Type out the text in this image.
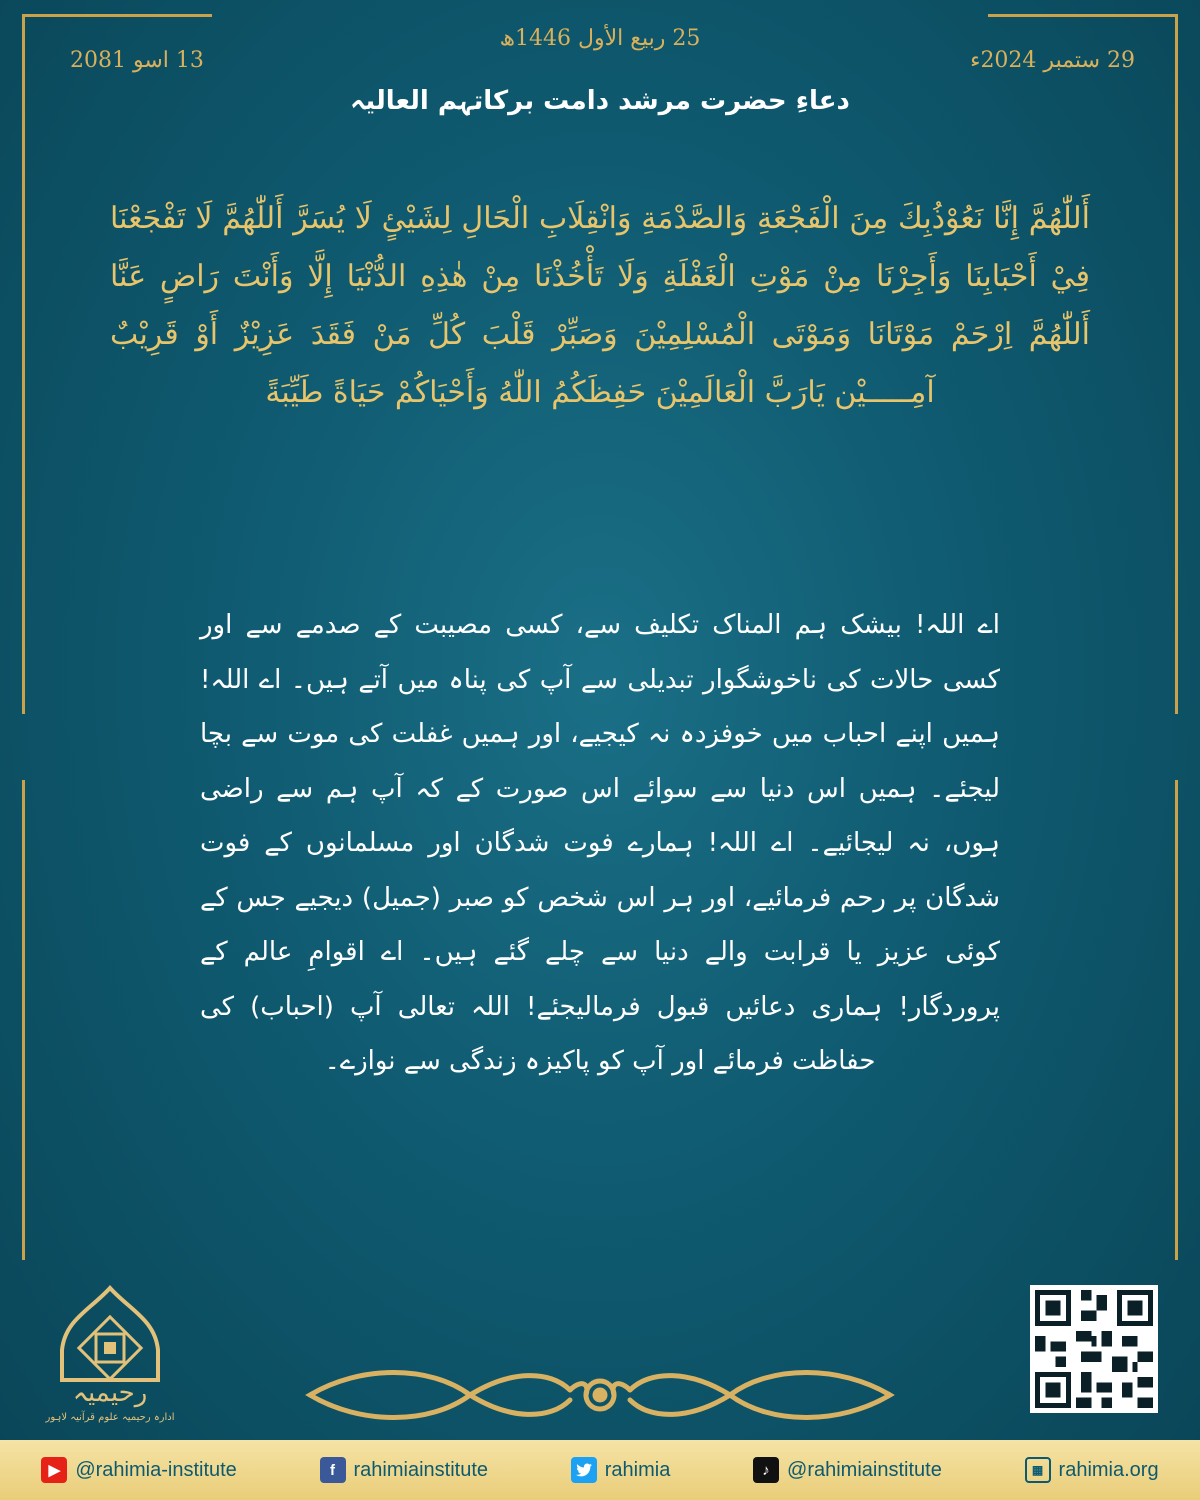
25 ربیع الأول 1446ھ
29 ستمبر 2024ء
13 اسو 2081
دعاءِ حضرت مرشد دامت برکاتہم العالیہ
أَللّٰهُمَّ إِنَّا نَعُوْذُبِكَ مِنَ الْفَجْعَةِ وَالصَّدْمَةِ وَانْقِلَابِ الْحَالِ لِشَيْئٍ لَا يُسَرَّ أَللّٰهُمَّ لَا تَفْجَعْنَا فِيْ أَحْبَابِنَا وَأَجِرْنَا مِنْ مَوْتِ الْغَفْلَةِ وَلَا تَأْخُذْنَا مِنْ هٰذِهِ الدُّنْيَا إِلَّا وَأَنْتَ رَاضٍ عَنَّا أَللّٰهُمَّ اِرْحَمْ مَوْتَانَا وَمَوْتَى الْمُسْلِمِيْنَ وَصَبِّرْ قَلْبَ كُلِّ مَنْ فَقَدَ عَزِيْزٌ أَوْ قَرِيْبٌ آمِـــــيْن يَارَبَّ الْعَالَمِيْنَ حَفِظَكُمُ اللّٰهُ وَأَحْيَاكُمْ حَيَاةً طَيِّبَةً
اے اللہ! بیشک ہم المناک تکلیف سے، کسی مصیبت کے صدمے سے اور کسی حالات کی ناخوشگوار تبدیلی سے آپ کی پناہ میں آتے ہیں۔ اے اللہ! ہمیں اپنے احباب میں خوفزدہ نہ کیجیے، اور ہمیں غفلت کی موت سے بچا لیجئے۔ ہمیں اس دنیا سے سوائے اس صورت کے کہ آپ ہم سے راضی ہوں، نہ لیجائیے۔ اے اللہ! ہمارے فوت شدگان اور مسلمانوں کے فوت شدگان پر رحم فرمائیے، اور ہر اس شخص کو صبر (جمیل) دیجیے جس کے کوئی عزیز یا قرابت والے دنیا سے چلے گئے ہیں۔ اے اقوامِ عالم کے پروردگار! ہماری دعائیں قبول فرمالیجئے! اللہ تعالی آپ (احباب) کی حفاظت فرمائے اور آپ کو پاکیزہ زندگی سے نوازے۔
رحیمیہ
ادارہ رحیمیہ علوم قرآنیہ لاہور
▶ @rahimia-institute	f rahimiainstitute	rahimia	♪ @rahimiainstitute	▦ rahimia.org
